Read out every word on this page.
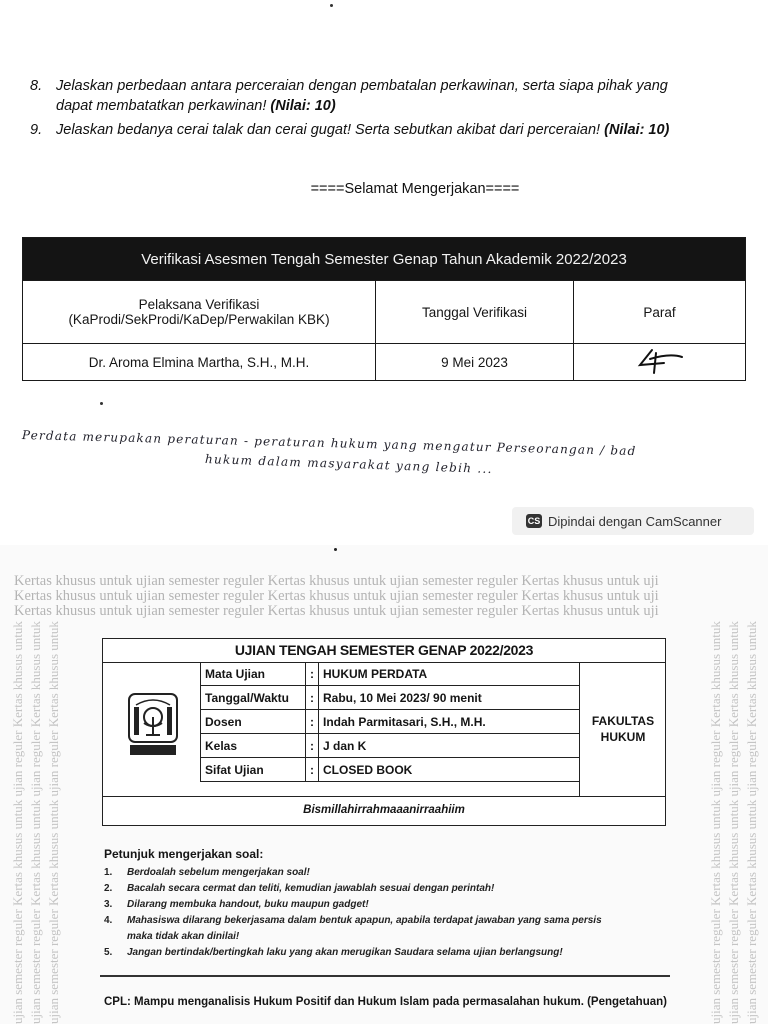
8. Jelaskan perbedaan antara perceraian dengan pembatalan perkawinan, serta siapa pihak yang
dapat membatatkan perkawinan! (Nilai: 10)
9. Jelaskan bedanya cerai talak dan cerai gugat! Serta sebutkan akibat dari perceraian! (Nilai: 10)
====Selamat Mengerjakan====
Verifikasi Asesmen Tengah Semester Genap Tahun Akademik 2022/2023		

Pelaksana Verifikasi
(KaProdi/SekProdi/KaDep/Perwakilan KBK)	Tanggal Verifikasi	Paraf
Dr. Aroma Elmina Martha, S.H., M.H.	9 Mei 2023	
Perdata merupakan peraturan - peraturan hukum yang mengatur Perseorangan / bad
hukum dalam masyarakat yang lebih ...
CS Dipindai dengan CamScanner
Kertas khusus untuk ujian semester reguler Kertas khusus untuk ujian semester reguler Kertas khusus untuk uji
Kertas khusus untuk ujian semester reguler Kertas khusus untuk ujian semester reguler Kertas khusus untuk uji
Kertas khusus untuk ujian semester reguler Kertas khusus untuk ujian semester reguler Kertas khusus untuk uji
ujian semester reguler Kertas khusus untuk ujian reguler Kertas khusus untuk ujian semester reguler Kertas khusus untuk ujian reguler Kertas khusus untuk ujian semester reguler Kertas khusus untuk ujian reguler Kertas khusus untuk	ujian semester reguler Kertas khusus untuk ujian reguler Kertas khusus untuk ujian semester reguler Kertas khusus untuk ujian reguler Kertas khusus untuk ujian semester reguler Kertas khusus untuk ujian reguler Kertas khusus untuk
UJIAN TENGAH SEMESTER GENAP 2022/2023
Mata Ujian	: HUKUM PERDATA
Tanggal/Waktu	: Rabu, 10 Mei 2023/ 90 menit
Dosen	: Indah Parmitasari, S.H., M.H.
Kelas	: J dan K
Sifat Ujian	: CLOSED BOOK
FAKULTAS
HUKUM
Bismillahirrahmaaanirraahiim
Petunjuk mengerjakan soal:
1. Berdoalah sebelum mengerjakan soal!
2. Bacalah secara cermat dan teliti, kemudian jawablah sesuai dengan perintah!
3. Dilarang membuka handout, buku maupun gadget!
4. Mahasiswa dilarang bekerjasama dalam bentuk apapun, apabila terdapat jawaban yang sama persis
maka tidak akan dinilai!
5. Jangan bertindak/bertingkah laku yang akan merugikan Saudara selama ujian berlangsung!
CPL: Mampu menganalisis Hukum Positif dan Hukum Islam pada permasalahan hukum. (Pengetahuan)
